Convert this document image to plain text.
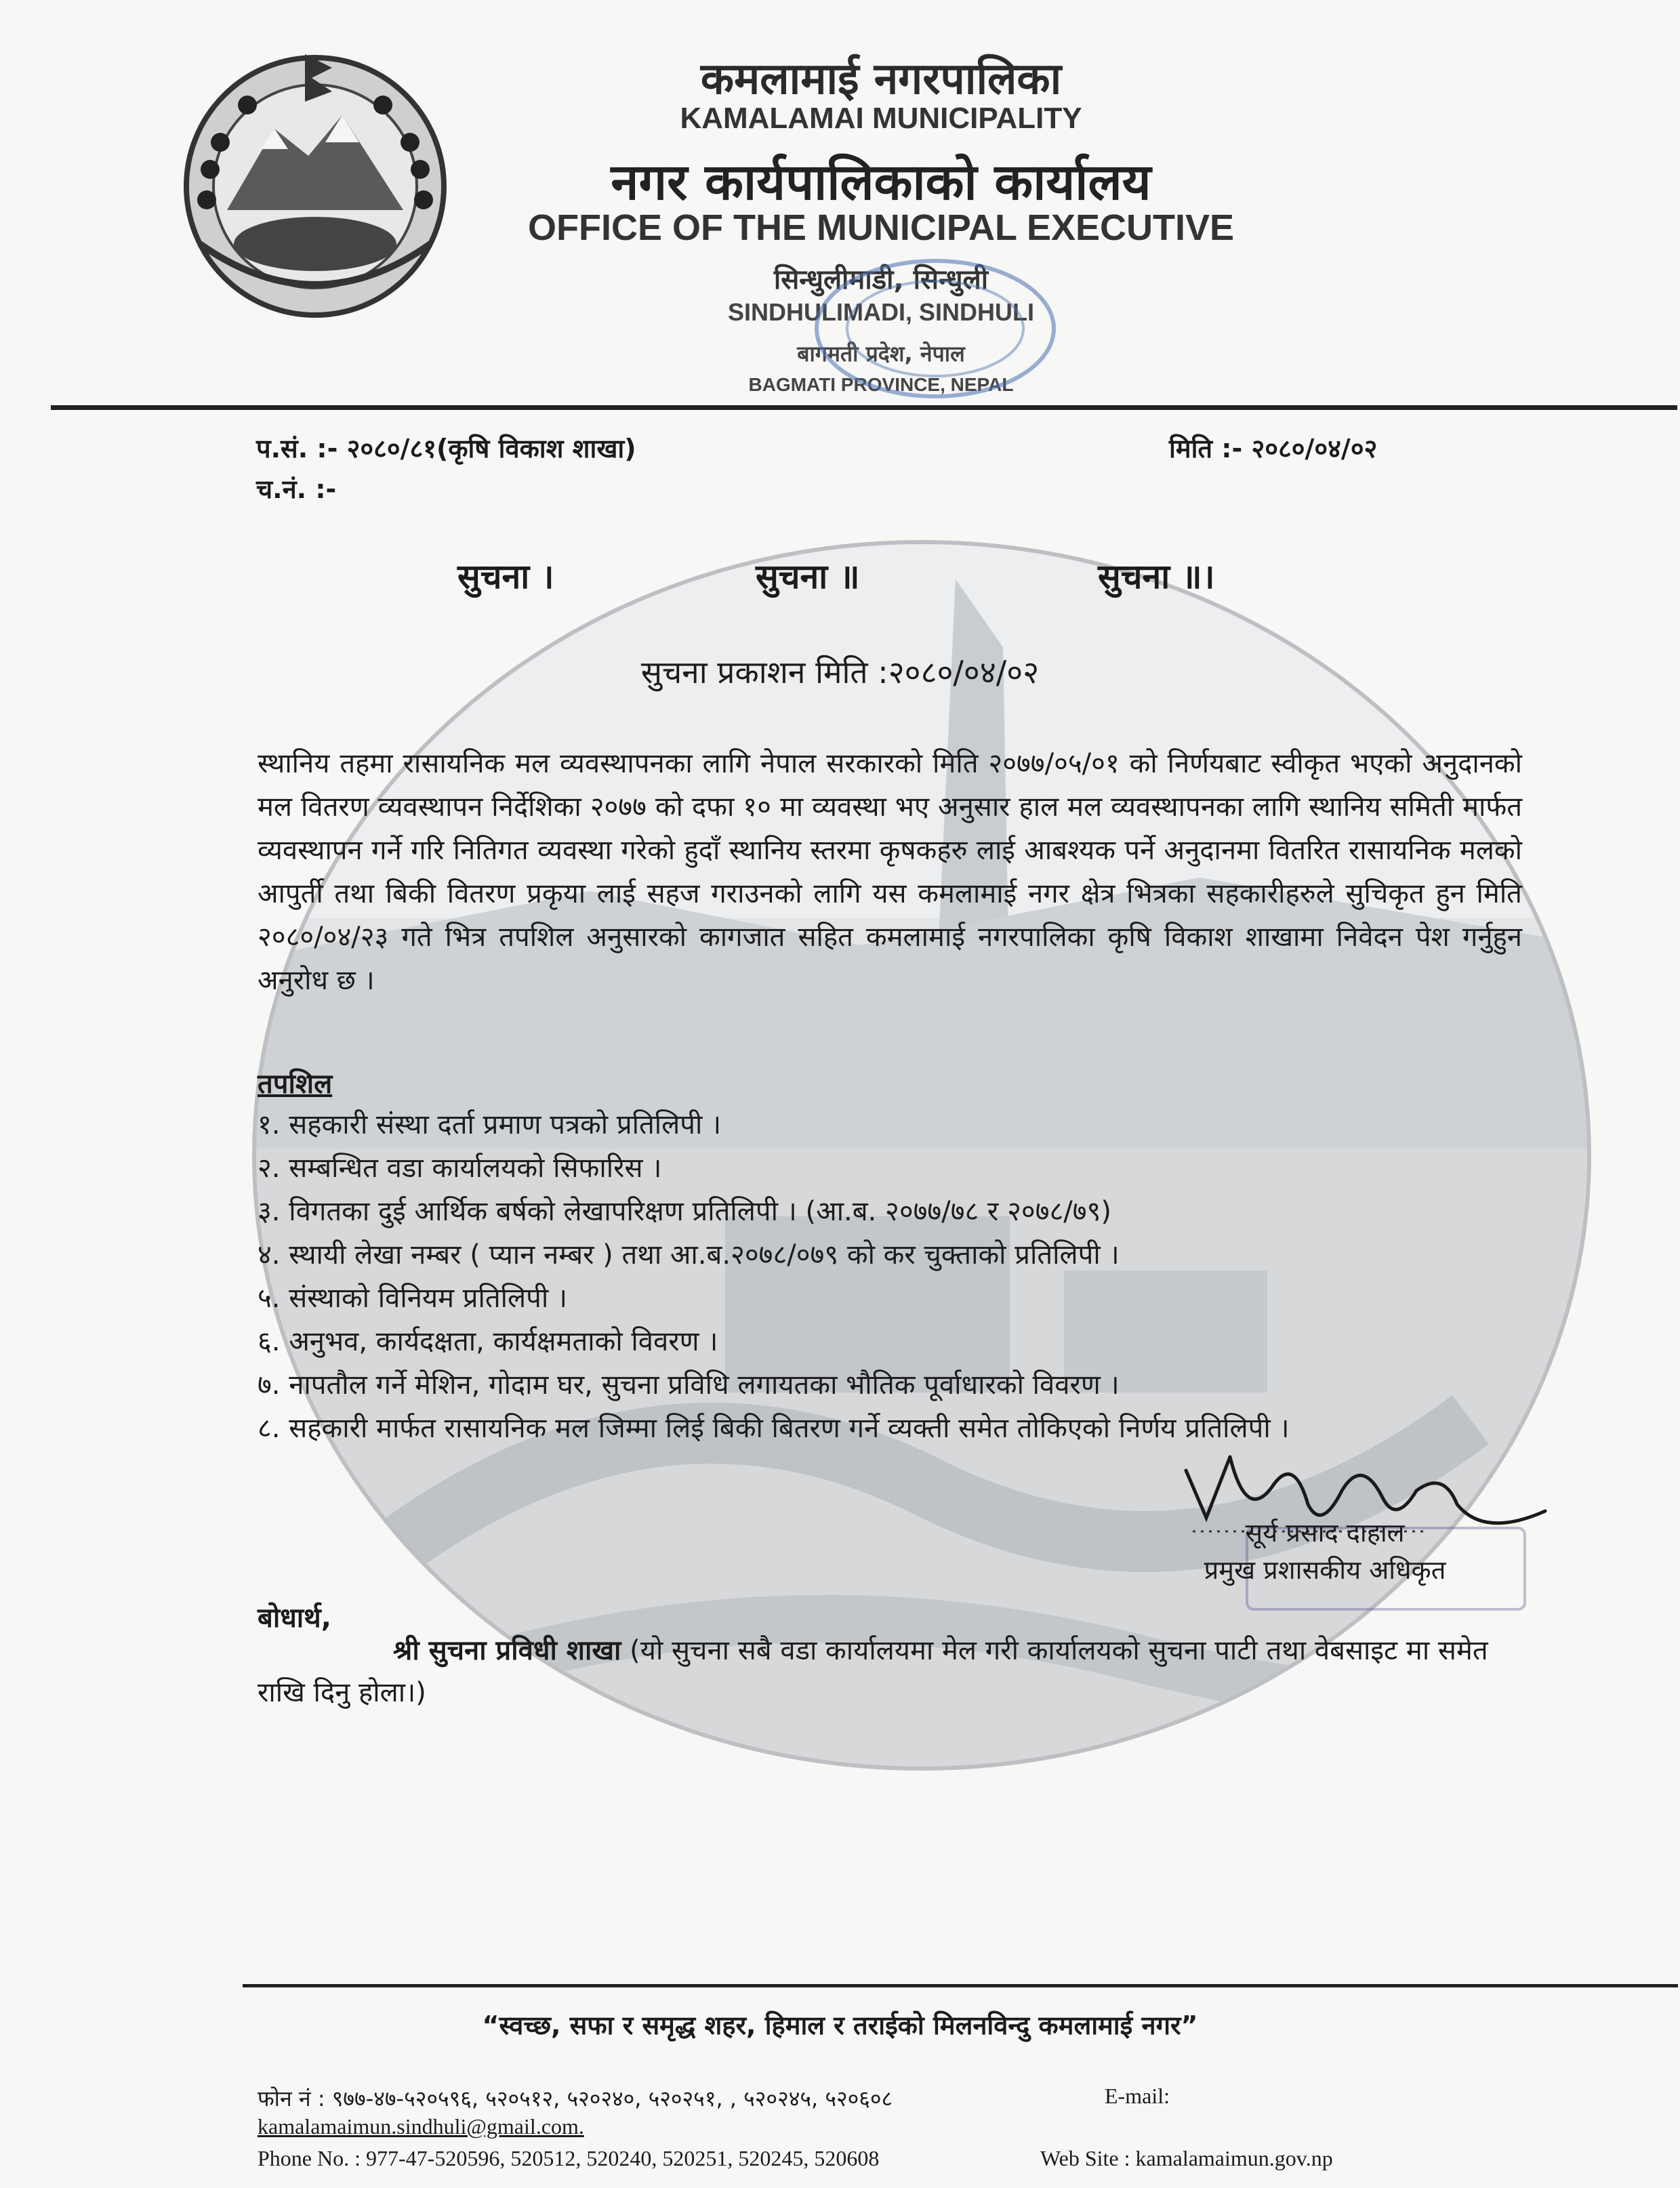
कमलामाई नगरपालिका
KAMALAMAI MUNICIPALITY
नगर कार्यपालिकाको कार्यालय
OFFICE OF THE MUNICIPAL EXECUTIVE
सिन्धुलीमाडी, सिन्धुली
SINDHULIMADI, SINDHULI
बागमती प्रदेश, नेपाल
BAGMATI PROVINCE, NEPAL
प.सं. :- २०८०/८१(कृषि विकाश शाखा)
च.नं. :-
मिति :- २०८०/०४/०२
सुचना ।	सुचना ॥	सुचना ॥।
सुचना प्रकाशन मिति :२०८०/०४/०२
स्थानिय तहमा रासायनिक मल व्यवस्थापनका लागि नेपाल सरकारको मिति २०७७/०५/०१ को निर्णयबाट स्वीकृत भएको अनुदानको मल वितरण व्यवस्थापन निर्देशिका २०७७ को दफा १० मा व्यवस्था भए अनुसार हाल मल व्यवस्थापनका लागि स्थानिय समिती मार्फत व्यवस्थापन गर्ने गरि नितिगत व्यवस्था गरेको हुदाँ स्थानिय स्तरमा कृषकहरु लाई आबश्यक पर्ने अनुदानमा वितरित रासायनिक मलको आपुर्ती तथा बिकी वितरण प्रकृया लाई सहज गराउनको लागि यस कमलामाई नगर क्षेत्र भित्रका सहकारीहरुले सुचिकृत हुन मिति २०८०/०४/२३ गते भित्र तपशिल अनुसारको कागजात सहित कमलामाई नगरपालिका कृषि विकाश शाखामा निवेदन पेश गर्नुहुन अनुरोध छ ।
तपशिल
१. सहकारी संस्था दर्ता प्रमाण पत्रको प्रतिलिपी ।
२. सम्बन्धित वडा कार्यालयको सिफारिस ।
३. विगतका दुई आर्थिक बर्षको लेखापरिक्षण प्रतिलिपी । (आ.ब. २०७७/७८ र २०७८/७९)
४. स्थायी लेखा नम्बर ( प्यान नम्बर ) तथा आ.ब.२०७८/०७९ को कर चुक्ताको प्रतिलिपी ।
५. संस्थाको विनियम प्रतिलिपी ।
६. अनुभव, कार्यदक्षता, कार्यक्षमताको विवरण ।
७. नापतौल गर्ने मेशिन, गोदाम घर, सुचना प्रविधि लगायतका भौतिक पूर्वाधारको विवरण ।
८. सहकारी मार्फत रासायनिक मल जिम्मा लिई बिकी बितरण गर्ने व्यक्ती समेत तोकिएको निर्णय प्रतिलिपी ।
सूर्य प्रसाद दाहाल
प्रमुख प्रशासकीय अधिकृत
बोधार्थ,
श्री सुचना प्रविधी शाखा (यो सुचना सबै वडा कार्यालयमा मेल गरी कार्यालयको सुचना पाटी तथा वेबसाइट मा समेत राखि दिनु होला।)
“स्वच्छ, सफा र समृद्ध शहर, हिमाल र तराईको मिलनविन्दु कमलामाई नगर”
फोन नं : ९७७-४७-५२०५९६, ५२०५१२, ५२०२४०, ५२०२५१, , ५२०२४५, ५२०६०८	E-mail:
kamalamaimun.sindhuli@gmail.com.
Phone No. : 977-47-520596, 520512, 520240, 520251, 520245, 520608	Web Site : kamalamaimun.gov.np
